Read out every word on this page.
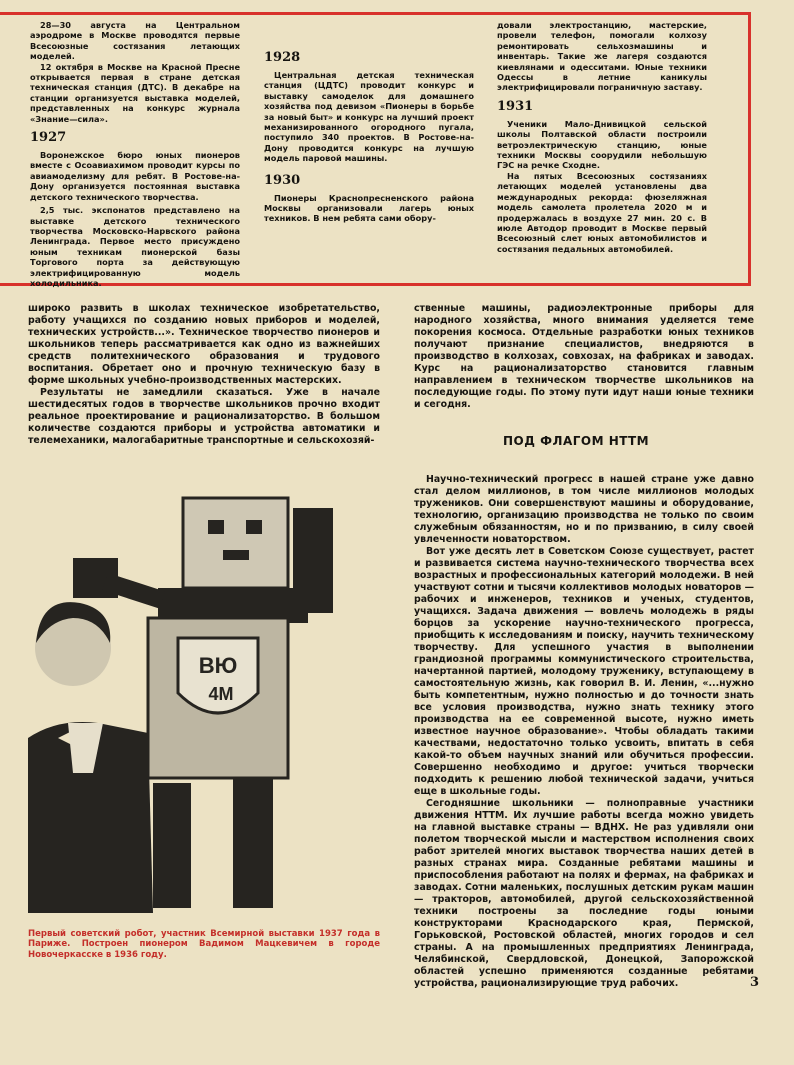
28—30 августа на Центральном аэродроме в Москве проводятся первые Всесоюзные состязания летающих моделей.

12 октября в Москве на Красной Пресне открывается первая в стране детская техническая станция (ДТС). В декабре на станции организуется выставка моделей, представленных на конкурс журнала «Знание—сила».

1927

Воронежское бюро юных пионеров вместе с Осоавиахимом проводит курсы по авиамоделизму для ребят. В Ростове-на-Дону организуется постоянная выставка детского технического творчества.

2,5 тыс. экспонатов представлено на выставке детского технического творчества Московско-Нарвского района Ленинграда. Первое место присуждено юным техникам пионерской базы Торгового порта за действующую электрифицированную модель холодильника.

1928

Центральная детская техническая станция (ЦДТС) проводит конкурс и выставку самоделок для домашнего хозяйства под девизом «Пионеры в борьбе за новый быт» и конкурс на лучший проект механизированного огородного пугала, поступило 340 проектов. В Ростове-на-Дону проводится конкурс на лучшую модель паровой машины.

1930

Пионеры Краснопресненского района Москвы организовали лагерь юных техников. В нем ребята сами обору-

довали электростанцию, мастерские, провели телефон, помогали колхозу ремонтировать сельхозмашины и инвентарь. Такие же лагеря создаются киевлянами и одесситами. Юные техники Одессы в летние каникулы электрифицировали пограничную заставу.

1931

Ученики Мало-Днивицкой сельской школы Полтавской области построили ветроэлектрическую станцию, юные техники Москвы соорудили небольшую ГЭС на речке Сходне.

На пятых Всесоюзных состязаниях летающих моделей установлены два международных рекорда: фюзеляжная модель самолета пролетела 2020 м и продержалась в воздухе 27 мин. 20 с. В июле Автодор проводит в Москве первый Всесоюзный слет юных автомобилистов и состязания педальных автомобилей.

широко развить в школах техническое изобретательство, работу учащихся по созданию новых приборов и моделей, технических устройств...». Техническое творчество пионеров и школьников теперь рассматривается как одно из важнейших средств политехнического образования и трудового воспитания. Обретает оно и прочную техническую базу в форме школьных учебно-производственных мастерских.

Результаты не замедлили сказаться. Уже в начале шестидесятых годов в творчестве школьников прочно входит реальное проектирование и рационализаторство. В большом количестве создаются приборы и устройства автоматики и телемеханики, малогабаритные транспортные и сельскохозяй-

ственные машины, радиоэлектронные приборы для народного хозяйства, много внимания уделяется теме покорения космоса. Отдельные разработки юных техников получают признание специалистов, внедряются в производство в колхозах, совхозах, на фабриках и заводах. Курс на рационализаторство становится главным направлением в техническом творчестве школьников на последующие годы. По этому пути идут наши юные техники и сегодня.

ПОД ФЛАГОМ НТТМ

Научно-технический прогресс в нашей стране уже давно стал делом миллионов, в том числе миллионов молодых тружеников. Они совершенствуют машины и оборудование, технологию, организацию производства не только по своим служебным обязанностям, но и по призванию, в силу своей увлеченности новаторством.

Вот уже десять лет в Советском Союзе существует, растет и развивается система научно-технического творчества всех возрастных и профессиональных категорий молодежи. В ней участвуют сотни и тысячи коллективов молодых новаторов — рабочих и инженеров, техников и ученых, студентов, учащихся. Задача движения — вовлечь молодежь в ряды борцов за ускорение научно-технического прогресса, приобщить к исследованиям и поиску, научить техническому творчеству. Для успешного участия в выполнении грандиозной программы коммунистического строительства, начертанной партией, молодому труженику, вступающему в самостоятельную жизнь, как говорил В. И. Ленин, «...нужно быть компетентным, нужно полностью и до точности знать все условия производства, нужно знать технику этого производства на ее современной высоте, нужно иметь известное научное образование». Чтобы обладать такими качествами, недостаточно только усвоить, впитать в себя какой-то объем научных знаний или обучиться профессии. Совершенно необходимо и другое: учиться творчески подходить к решению любой технической задачи, учиться еще в школьные годы.

Сегодняшние школьники — полноправные участники движения НТТМ. Их лучшие работы всегда можно увидеть на главной выставке страны — ВДНХ. Не раз удивляли они полетом творческой мысли и мастерством исполнения своих работ зрителей многих выставок творчества наших детей в разных странах мира. Созданные ребятами машины и приспособления работают на полях и фермах, на фабриках и заводах. Сотни маленьких, послушных детским рукам машин — тракторов, автомобилей, другой сельскохозяйственной техники построены за последние годы юными конструкторами Краснодарского края, Пермской, Горьковской, Ростовской областей, многих городов и сел страны. А на промышленных предприятиях Ленинграда, Челябинской, Свердловской, Донецкой, Запорожской областей успешно применяются созданные ребятами устройства, рационализирующие труд рабочих.

ВЮ
4М
Первый советский робот, участник Всемирной выставки 1937 года в Париже. Построен пионером Вадимом Мацкевичем в городе Новочеркасске в 1936 году.
3
